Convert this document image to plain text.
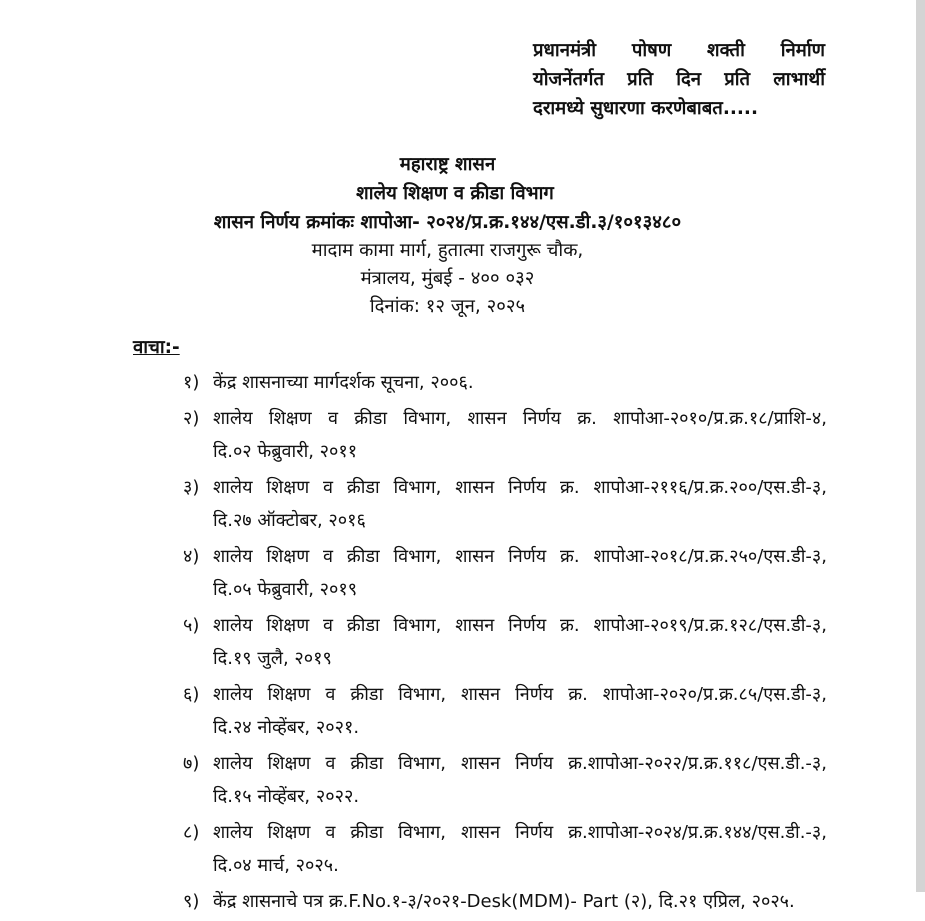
प्रधानमंत्री पोषण शक्ती निर्माण
योजनेंतर्गत प्रति दिन प्रति लाभार्थी
दरामध्ये सुधारणा करणेबाबत.....
महाराष्ट्र शासन
शालेय शिक्षण व क्रीडा विभाग
शासन निर्णय क्रमांकः शापोआ- २०२४/प्र.क्र.१४४/एस.डी.३/१०१३४८०
मादाम कामा मार्ग, हुतात्मा राजगुरू चौक,
मंत्रालय, मुंबई - ४०० ०३२
दिनांक: १२ जून, २०२५
वाचा:-
१) केंद्र शासनाच्या मार्गदर्शक सूचना, २००६.
२) शालेय शिक्षण व क्रीडा विभाग, शासन निर्णय क्र. शापोआ-२०१०/प्र.क्र.१८/प्राशि-४,
दि.०२ फेब्रुवारी, २०११
३) शालेय शिक्षण व क्रीडा विभाग, शासन निर्णय क्र. शापोआ-२११६/प्र.क्र.२००/एस.डी-३,
दि.२७ ऑक्टोबर, २०१६
४) शालेय शिक्षण व क्रीडा विभाग, शासन निर्णय क्र. शापोआ-२०१८/प्र.क्र.२५०/एस.डी-३,
दि.०५ फेब्रुवारी, २०१९
५) शालेय शिक्षण व क्रीडा विभाग, शासन निर्णय क्र. शापोआ-२०१९/प्र.क्र.१२८/एस.डी-३,
दि.१९ जुलै, २०१९
६) शालेय शिक्षण व क्रीडा विभाग, शासन निर्णय क्र. शापोआ-२०२०/प्र.क्र.८५/एस.डी-३,
दि.२४ नोव्हेंबर, २०२१.
७) शालेय शिक्षण व क्रीडा विभाग, शासन निर्णय क्र.शापोआ-२०२२/प्र.क्र.११८/एस.डी.-३,
दि.१५ नोव्हेंबर, २०२२.
८) शालेय शिक्षण व क्रीडा विभाग, शासन निर्णय क्र.शापोआ-२०२४/प्र.क्र.१४४/एस.डी.-३,
दि.०४ मार्च, २०२५.
९) केंद्र शासनाचे पत्र क्र.F.No.१-३/२०२१-Desk(MDM)- Part (२), दि.२१ एप्रिल, २०२५.
